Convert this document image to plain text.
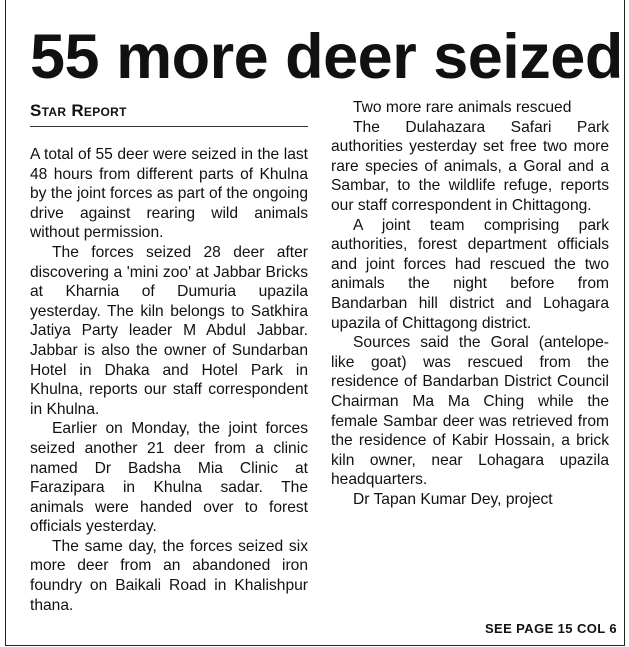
55 more deer seized
Star Report

A total of 55 deer were seized in the last 48 hours from different parts of Khulna by the joint forces as part of the ongoing drive against rearing wild animals without permission.

The forces seized 28 deer after discovering a 'mini zoo' at Jabbar Bricks at Kharnia of Dumuria upazila yesterday. The kiln belongs to Satkhira Jatiya Party leader M Abdul Jabbar. Jabbar is also the owner of Sundarban Hotel in Dhaka and Hotel Park in Khulna, reports our staff correspondent in Khulna.

Earlier on Monday, the joint forces seized another 21 deer from a clinic named Dr Badsha Mia Clinic at Farazipara in Khulna sadar. The animals were handed over to forest officials yesterday.

The same day, the forces seized six more deer from an abandoned iron foundry on Baikali Road in Khalishpur thana.

Two more rare animals rescued

The Dulahazara Safari Park authorities yesterday set free two more rare species of animals, a Goral and a Sambar, to the wildlife refuge, reports our staff correspondent in Chittagong.

A joint team comprising park authorities, forest department officials and joint forces had rescued the two animals the night before from Bandarban hill district and Lohagara upazila of Chittagong district.

Sources said the Goral (antelope-like goat) was rescued from the residence of Bandarban District Council Chairman Ma Ma Ching while the female Sambar deer was retrieved from the residence of Kabir Hossain, a brick kiln owner, near Lohagara upazila headquarters.

Dr Tapan Kumar Dey, project

SEE PAGE 15 COL 6
